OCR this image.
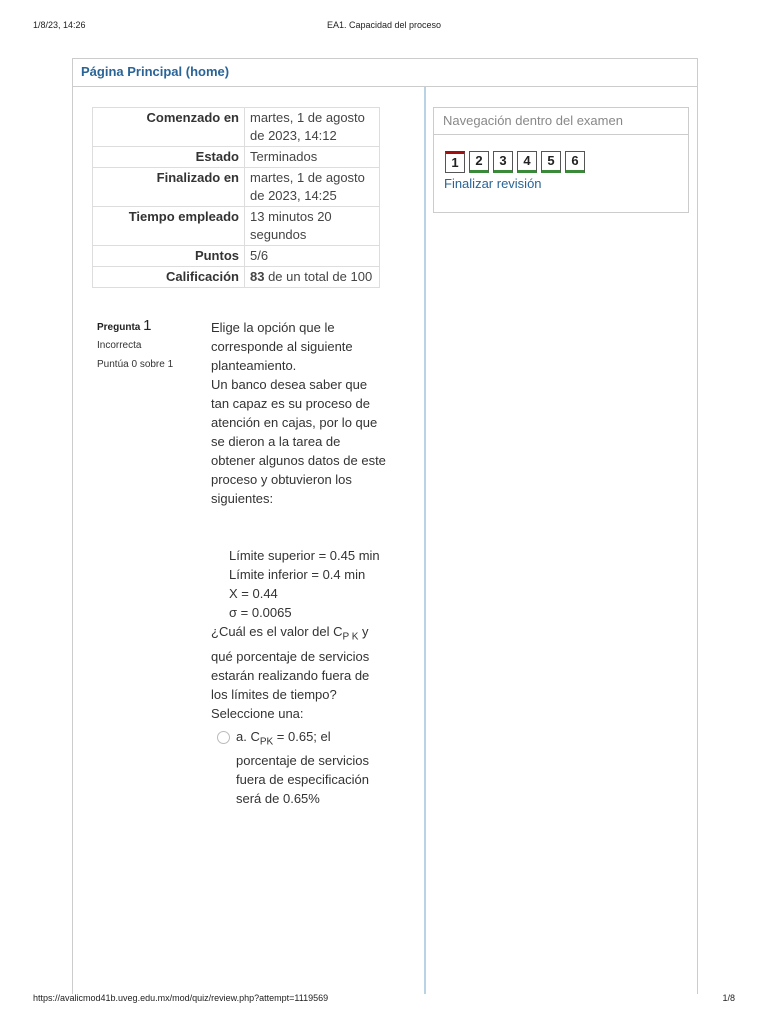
1/8/23, 14:26	EA1. Capacidad del proceso
Página Principal (home)
Comenzado en	martes, 1 de agosto de 2023, 14:12
Estado	Terminados
Finalizado en	martes, 1 de agosto de 2023, 14:25
Tiempo empleado	13 minutos 20 segundos
Puntos	5/6
Calificación	83 de un total de 100
Pregunta 1
Incorrecta
Puntúa 0 sobre 1

Elige la opción que le corresponde al siguiente planteamiento.

Un banco desea saber que tan capaz es su proceso de atención en cajas, por lo que se dieron a la tarea de obtener algunos datos de este proceso y obtuvieron los siguientes:

Límite superior = 0.45 min
Límite inferior = 0.4 min
X = 0.44
σ = 0.0065

¿Cuál es el valor del $C_{P K}$ y qué porcentaje de servicios estarán realizando fuera de los límites de tiempo?

Seleccione una:

a. $C_{PK} = 0.65$; el porcentaje de servicios fuera de especificación será de 0.65%
Navegación dentro del examen
1	2	3	4	5	6
Finalizar revisión
https://avalicmod41b.uveg.edu.mx/mod/quiz/review.php?attempt=1119569	1/8
